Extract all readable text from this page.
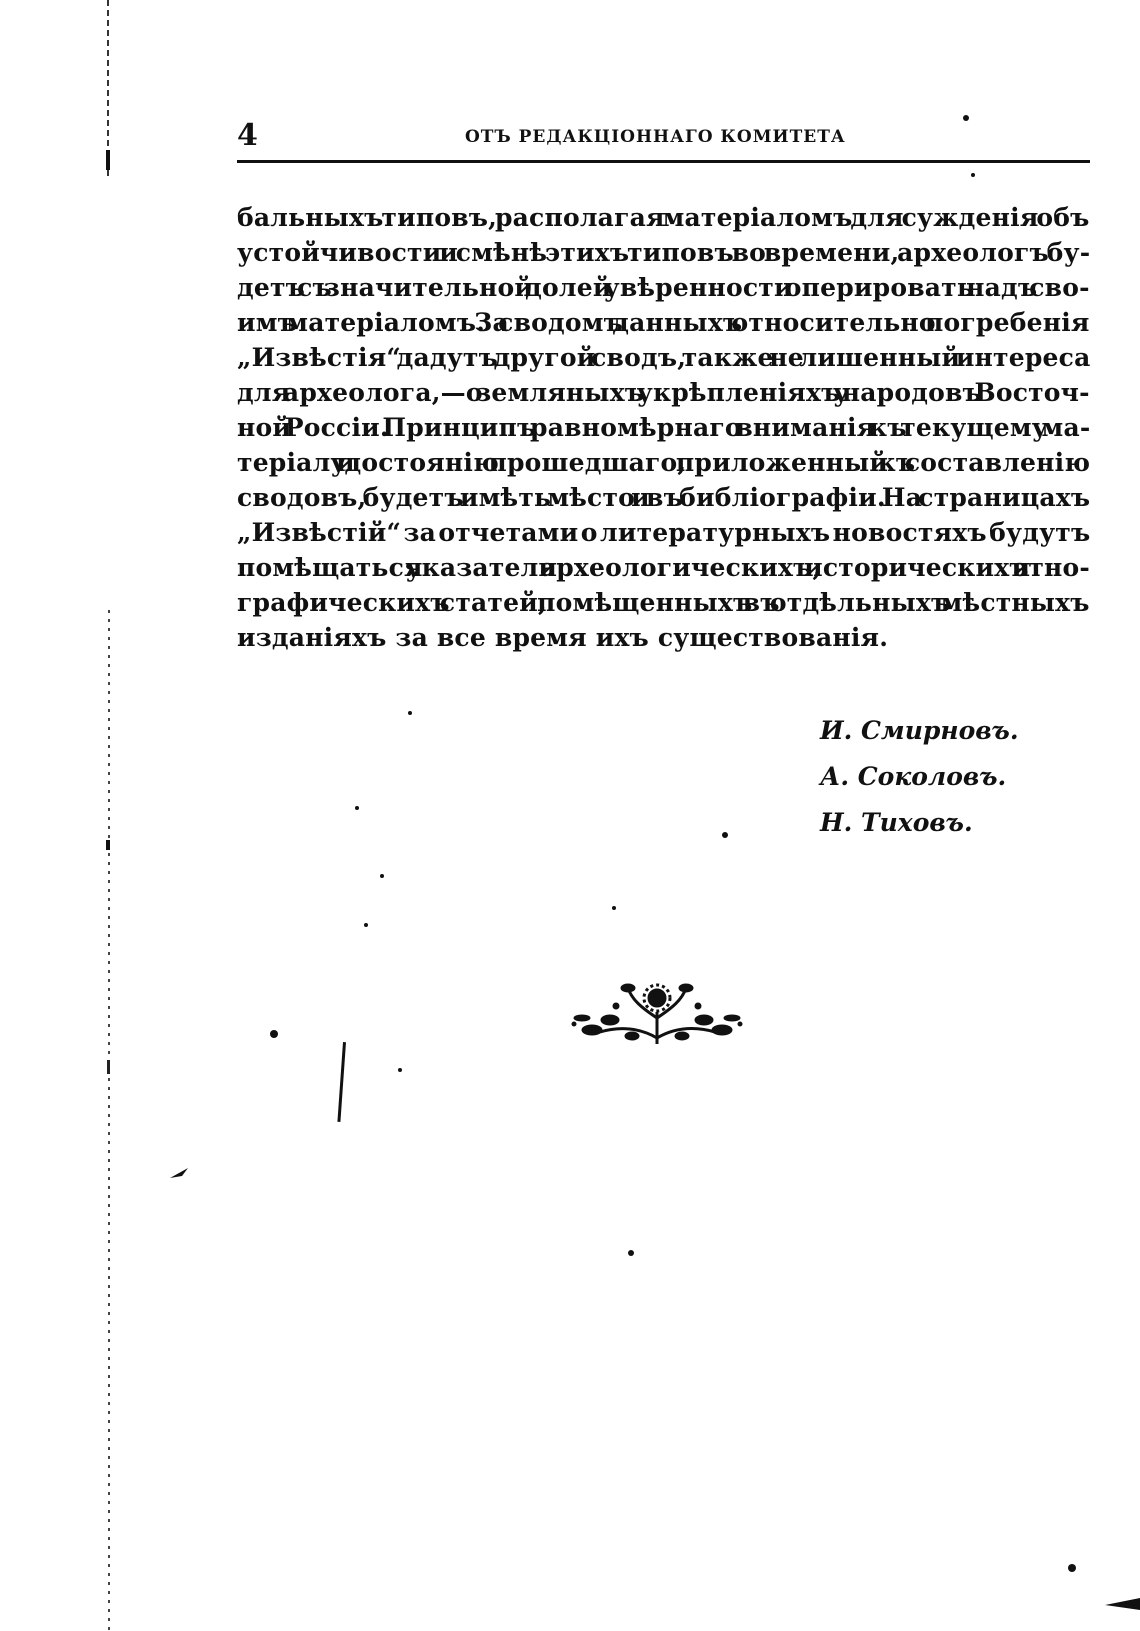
4	ОТЪ РЕДАКЦІОННАГО КОМИТЕТА
бальныхъ типовъ, располагая матеріаломъ для сужденія объ
устойчивости и смѣнѣ этихъ типовъ во времени, археологъ бу-
детъ съ значительной долей увѣренности оперировать надъ сво-
имъ матеріаломъ. За сводомъ данныхъ относительно погребенія
„Извѣстія“ дадутъ другой сводъ, также не лишенный интереса
для археолога,—о земляныхъ укрѣпленіяхъ у народовъ Восточ-
ной Россіи. Принципъ равномѣрнаго вниманія къ текущему ма-
теріалу и достоянію прошедшаго, приложенный къ составленію
сводовъ, будетъ имѣть мѣсто и въ библіографіи. На страницахъ
„Извѣстій“ за отчетами о литературныхъ новостяхъ будутъ
помѣщаться указатели археологическихъ, историческихъ и этно-
графическихъ статей, помѣщенныхъ въ отдѣльныхъ мѣстныхъ
изданіяхъ за все время ихъ существованія.
И. Смирновъ.
А. Соколовъ.
Н. Тиховъ.
